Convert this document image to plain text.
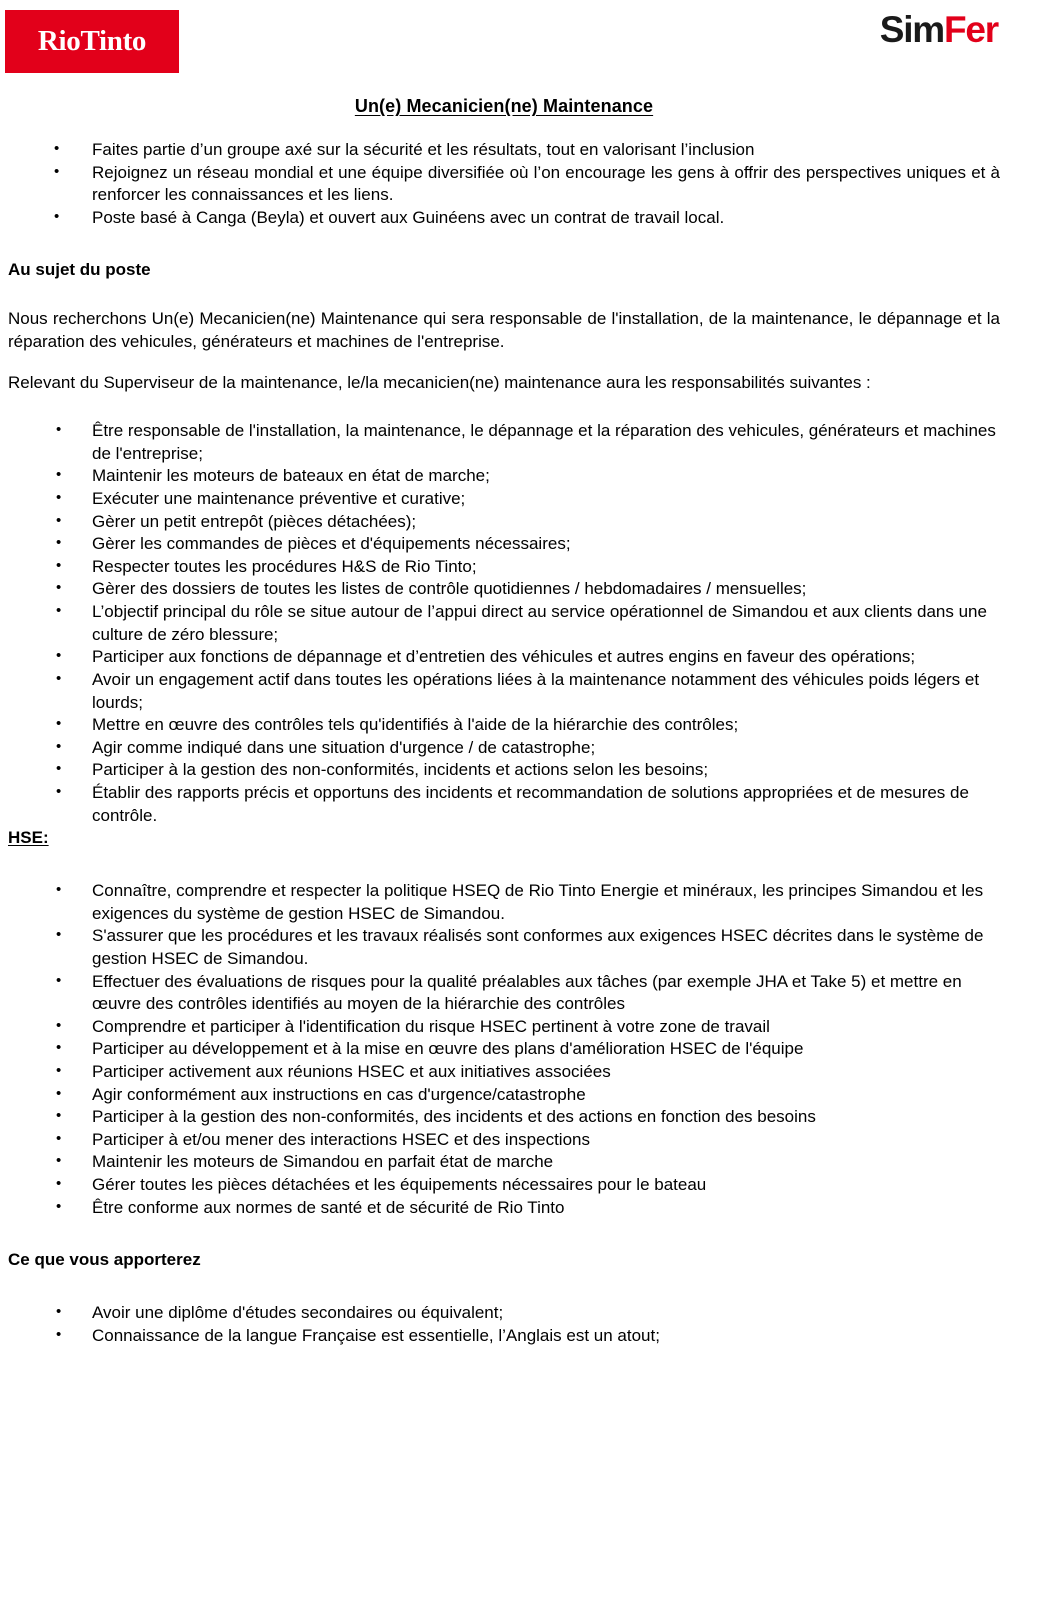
RioTinto	SimFer
Un(e) Mecanicien(ne) Maintenance
• Faites partie d’un groupe axé sur la sécurité et les résultats, tout en valorisant l’inclusion
• Rejoignez un réseau mondial et une équipe diversifiée où l’on encourage les gens à offrir des perspectives uniques et à renforcer les connaissances et les liens.
• Poste basé à Canga (Beyla) et ouvert aux Guinéens avec un contrat de travail local.
Au sujet du poste

Nous recherchons Un(e) Mecanicien(ne) Maintenance qui sera responsable de l'installation, de la maintenance, le dépannage et la réparation des vehicules, générateurs et machines de l'entreprise.

Relevant du Superviseur de la maintenance, le/la mecanicien(ne) maintenance aura les responsabilités suivantes :

• Être responsable de l'installation, la maintenance, le dépannage et la réparation des vehicules, générateurs et machines de l'entreprise;
• Maintenir les moteurs de bateaux en état de marche;
• Exécuter une maintenance préventive et curative;
• Gèrer un petit entrepôt (pièces détachées);
• Gèrer les commandes de pièces et d'équipements nécessaires;
• Respecter toutes les procédures H&S de Rio Tinto;
• Gèrer des dossiers de toutes les listes de contrôle quotidiennes / hebdomadaires / mensuelles;
• L’objectif principal du rôle se situe autour de l’appui direct au service opérationnel de Simandou et aux clients dans une culture de zéro blessure;
• Participer aux fonctions de dépannage et d’entretien des véhicules et autres engins en faveur des opérations;
• Avoir un engagement actif dans toutes les opérations liées à la maintenance notamment des véhicules poids légers et lourds;
• Mettre en œuvre des contrôles tels qu'identifiés à l'aide de la hiérarchie des contrôles;
• Agir comme indiqué dans une situation d'urgence / de catastrophe;
• Participer à la gestion des non-conformités, incidents et actions selon les besoins;
• Établir des rapports précis et opportuns des incidents et recommandation de solutions appropriées et de mesures de contrôle.
HSE:
• Connaître, comprendre et respecter la politique HSEQ de Rio Tinto Energie et minéraux, les principes Simandou et les exigences du système de gestion HSEC de Simandou.
• S'assurer que les procédures et les travaux réalisés sont conformes aux exigences HSEC décrites dans le système de gestion HSEC de Simandou.
• Effectuer des évaluations de risques pour la qualité préalables aux tâches (par exemple JHA et Take 5) et mettre en œuvre des contrôles identifiés au moyen de la hiérarchie des contrôles
• Comprendre et participer à l'identification du risque HSEC pertinent à votre zone de travail
• Participer au développement et à la mise en œuvre des plans d'amélioration HSEC de l'équipe
• Participer activement aux réunions HSEC et aux initiatives associées
• Agir conformément aux instructions en cas d'urgence/catastrophe
• Participer à la gestion des non-conformités, des incidents et des actions en fonction des besoins
• Participer à et/ou mener des interactions HSEC et des inspections
• Maintenir les moteurs de Simandou en parfait état de marche
• Gérer toutes les pièces détachées et les équipements nécessaires pour le bateau
• Être conforme aux normes de santé et de sécurité de Rio Tinto
Ce que vous apporterez
• Avoir une diplôme d'études secondaires ou équivalent;
• Connaissance de la langue Française est essentielle, l’Anglais est un atout;
